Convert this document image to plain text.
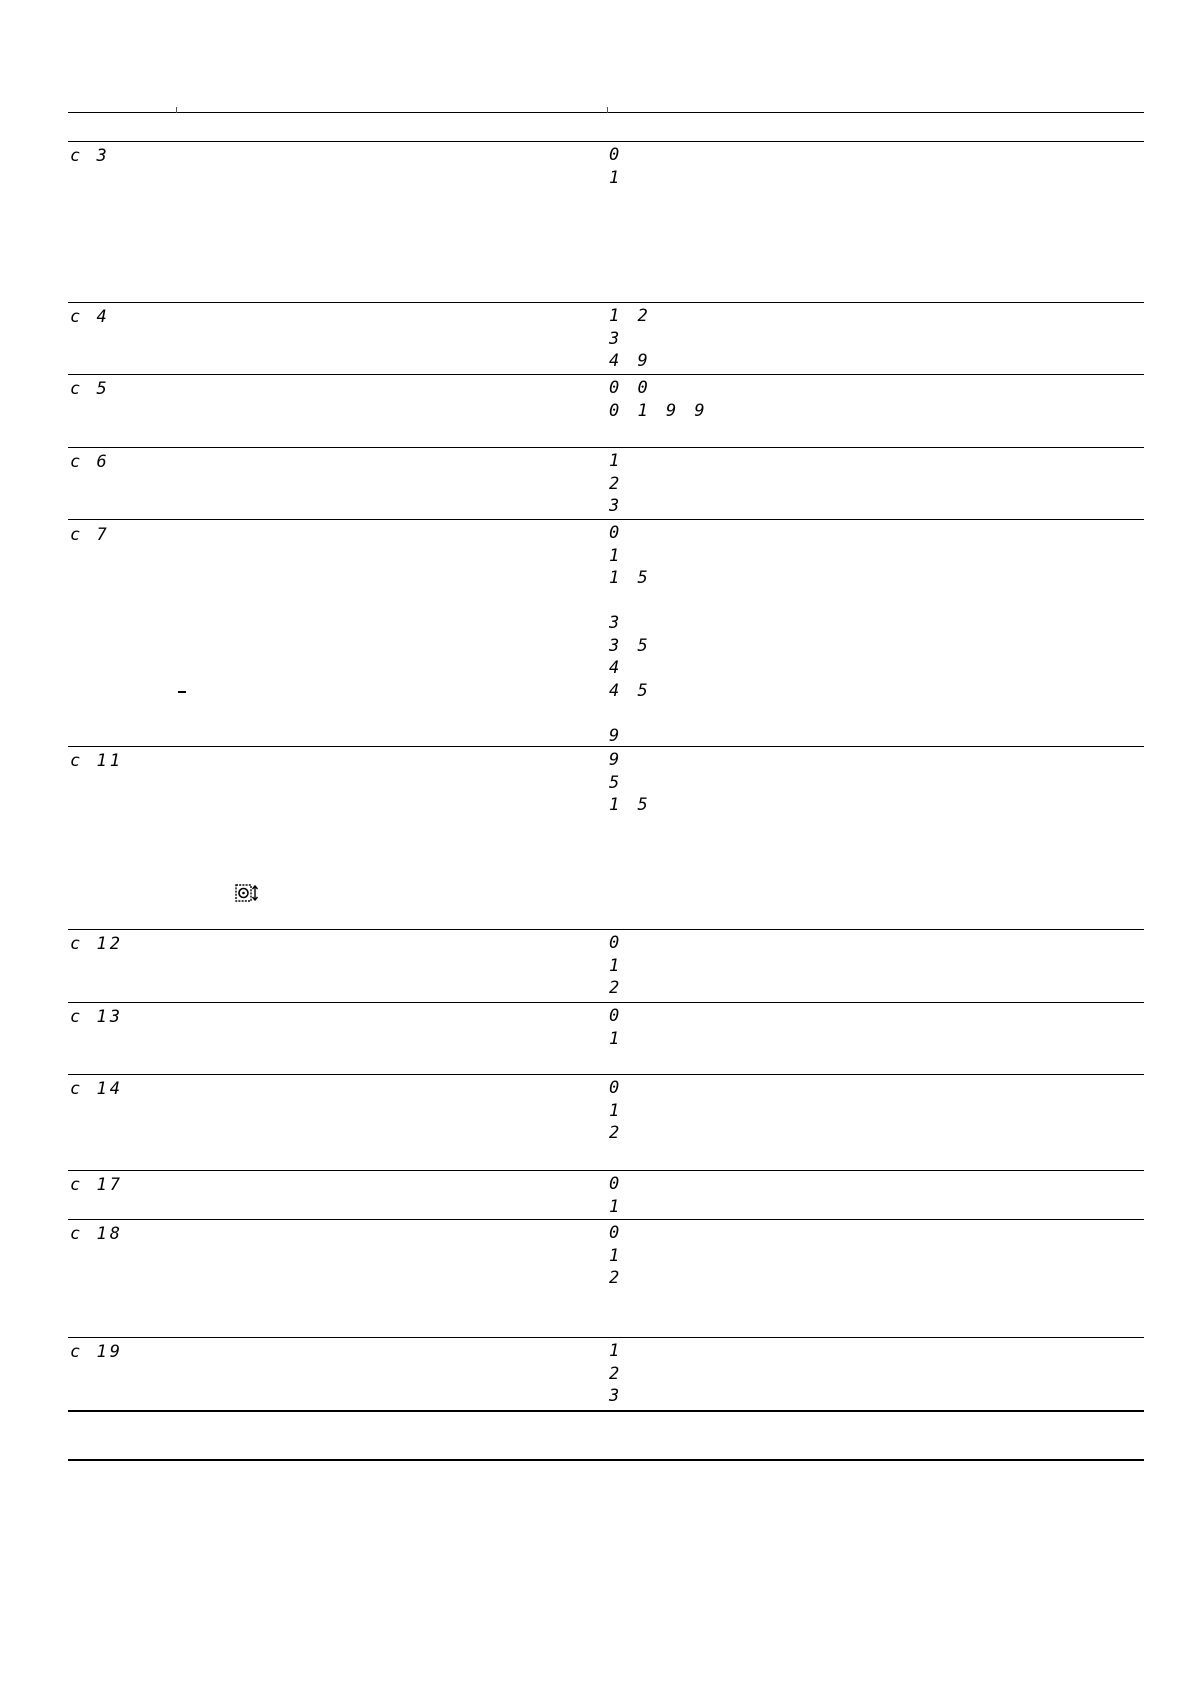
c 3	0
1
c 4	1 2
3
4 9
c 5	0 0
0 1 9 9
c 6	1
2
3
c 7	0
1
1 5
3
3 5
4
4 5
9
c 11	9
5
1 5
c 12	0
1
2
c 13	0
1
c 14	0
1
2
c 17	0
1
c 18	0
1
2
c 19	1
2
3
